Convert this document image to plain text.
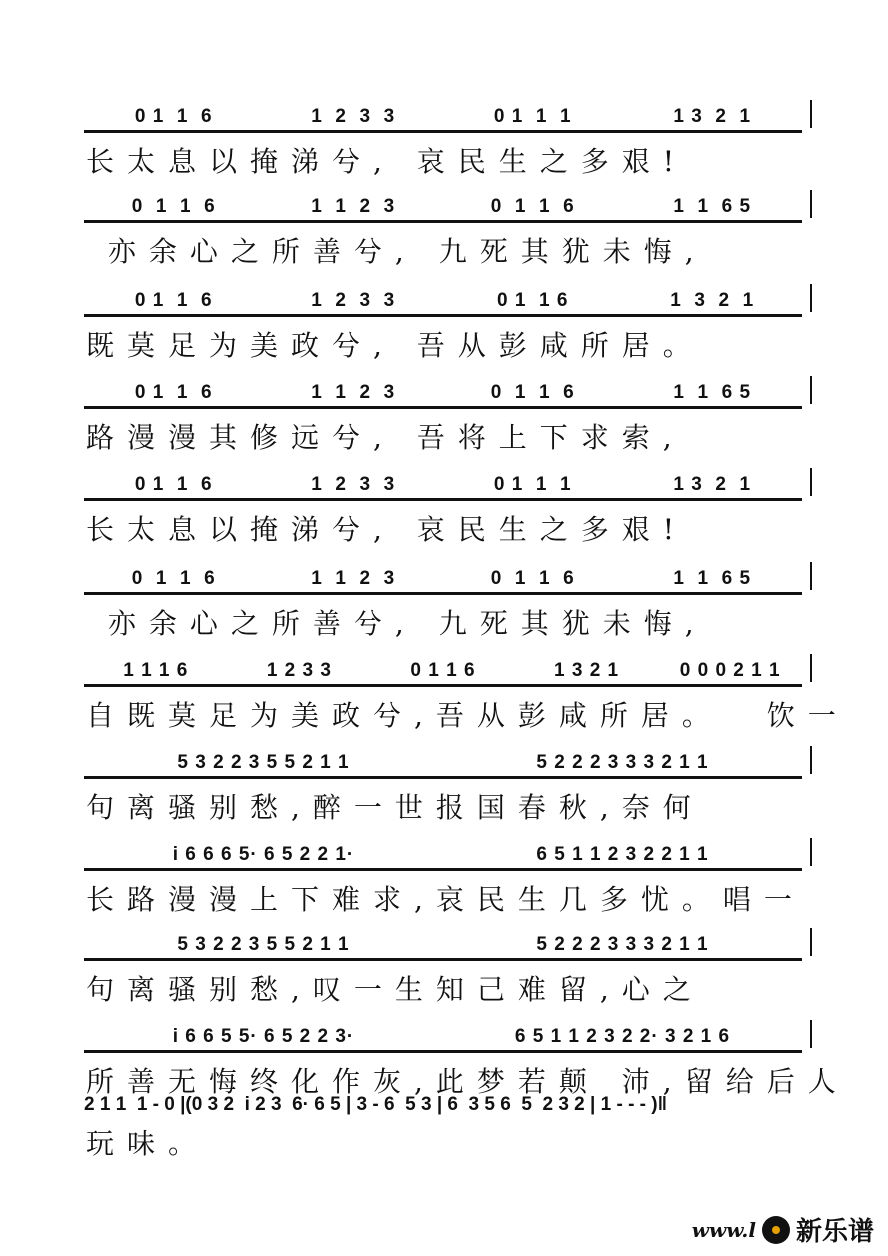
0 1  1  6	1  2  3  3	0 1  1  1	1 3  2  1
长太息以掩涕兮, 哀民生之多艰!
0  1  1  6	1  1  2  3	0  1  1  6	1  1  6 5
亦余心之所善兮, 九死其犹未悔,
0 1  1  6	1  2  3  3	0 1  1 6	1  3  2  1
既莫足为美政兮, 吾从彭咸所居。
0 1  1  6	1  1  2  3	0  1  1  6	1  1  6 5
路漫漫其修远兮, 吾将上下求索,
0 1  1  6	1  2  3  3	0 1  1  1	1 3  2  1
长太息以掩涕兮, 哀民生之多艰!
0  1  1  6	1  1  2  3	0  1  1  6	1  1  6 5
亦余心之所善兮, 九死其犹未悔,
1 1 1 6	1 2 3 3	0 1 1 6	1 3 2 1	0 0 0 2 1 1
自既莫足为美政兮,吾从彭咸所居。  饮一
5 3 2 2 3 5 5 2 1 1	5 2 2 2 3 3 3 2 1 1
句离骚别愁,醉一世报国春秋,奈何
i 6 6 6 5· 6 5 2 2 1·	6 5 1 1 2 3 2 2 1 1
长路漫漫上下难求,哀民生几多忧。唱一
5 3 2 2 3 5 5 2 1 1	5 2 2 2 3 3 3 2 1 1
句离骚别愁,叹一生知己难留,心之
i 6 6 5 5· 6 5 2 2 3·	6 5 1 1 2 3 2 2· 3 2 1 6
所善无悔终化作灰,此梦若颠 沛,留给后人
2 1 1  1 - 0 |(0 3 2  i 2 3  6· 6 5 | 3 - 6  5 3 | 6  3 5 6  5  2 3 2 | 1 - - - )‖
玩味。
www.l 新乐谱
